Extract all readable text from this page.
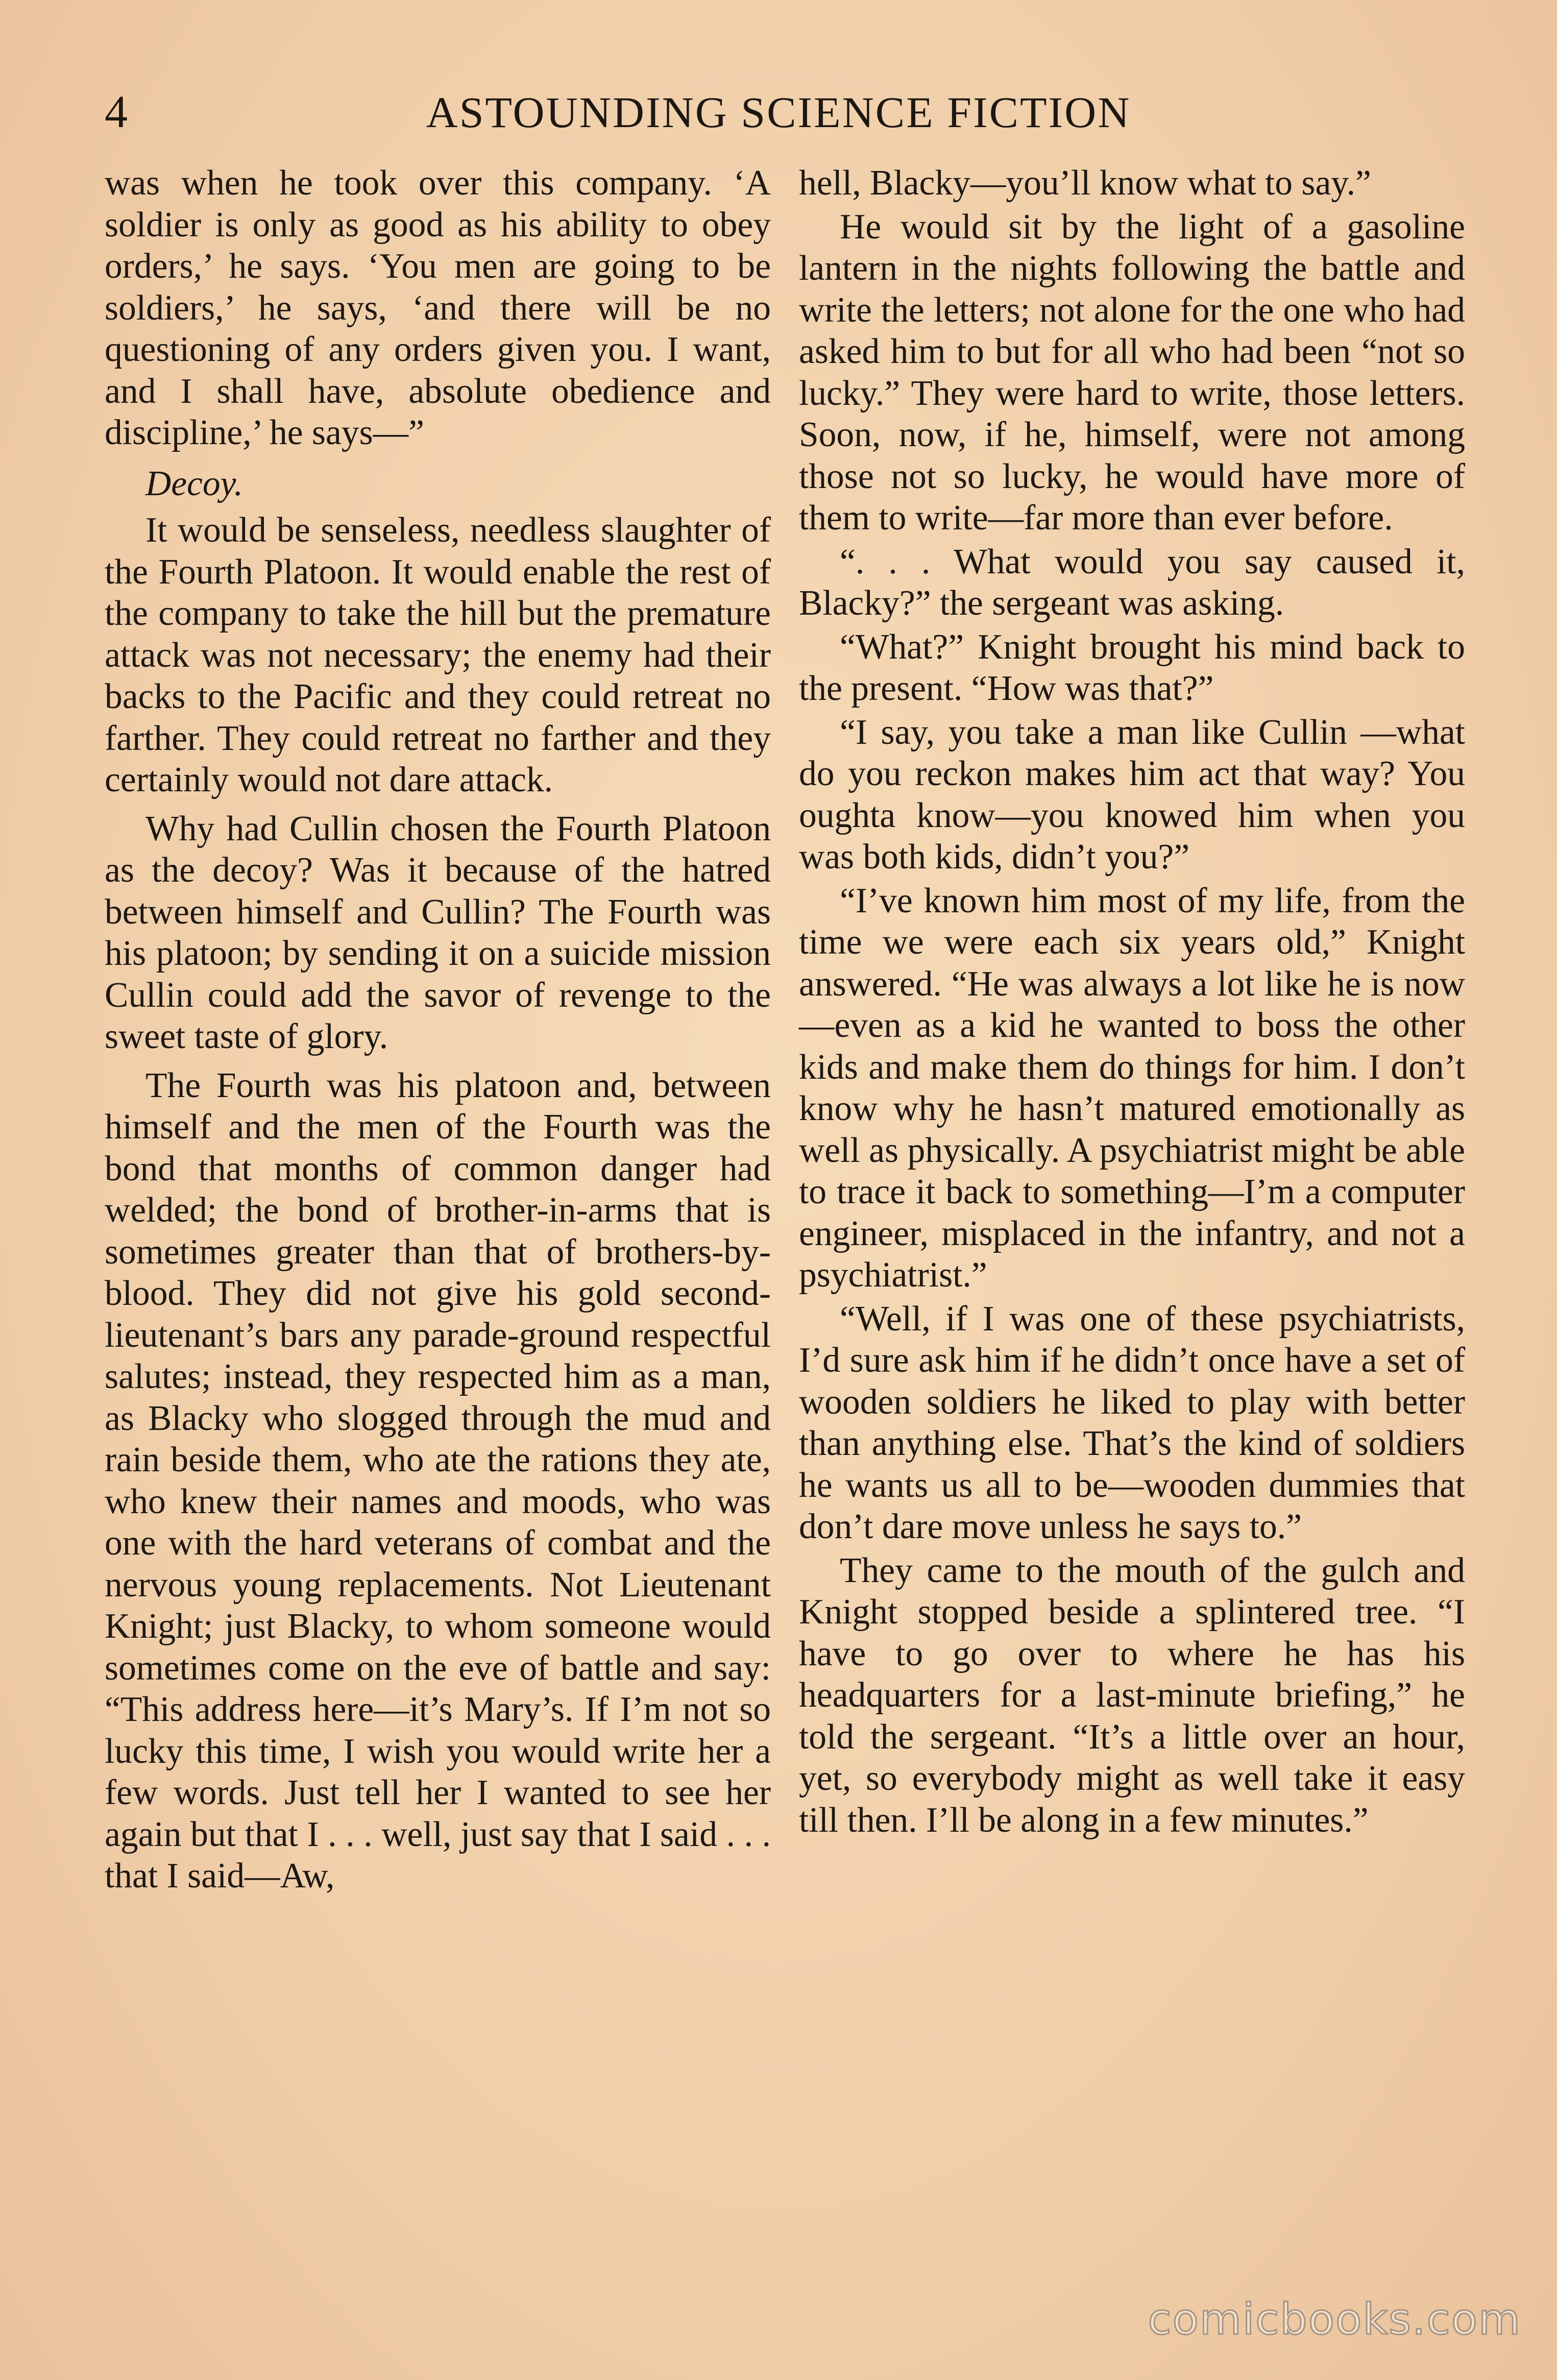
4	ASTOUNDING SCIENCE FICTION

was when he took over this company. ‘A soldier is only as good as his ability to obey orders,’ he says. ‘You men are going to be soldiers,’ he says, ‘and there will be no questioning of any orders given you. I want, and I shall have, absolute obedience and discipline,’ he says—”

Decoy.

It would be senseless, needless slaughter of the Fourth Platoon. It would enable the rest of the company to take the hill but the premature attack was not necessary; the enemy had their backs to the Pacific and they could retreat no farther. They could retreat no farther and they certainly would not dare attack.

Why had Cullin chosen the Fourth Platoon as the decoy? Was it because of the hatred between himself and Cullin? The Fourth was his platoon; by sending it on a suicide mission Cullin could add the savor of revenge to the sweet taste of glory.

The Fourth was his platoon and, between himself and the men of the Fourth was the bond that months of common danger had welded; the bond of brother-in-arms that is sometimes greater than that of brothers-by-blood. They did not give his gold second-lieutenant’s bars any parade-ground respectful salutes; instead, they respected him as a man, as Blacky who slogged through the mud and rain beside them, who ate the rations they ate, who knew their names and moods, who was one with the hard veterans of combat and the nervous young replacements. Not Lieutenant Knight; just Blacky, to whom someone would sometimes come on the eve of battle and say: “This address here—it’s Mary’s. If I’m not so lucky this time, I wish you would write her a few words. Just tell her I wanted to see her again but that I . . . well, just say that I said . . . that I said—Aw,

hell, Blacky—you’ll know what to say.”

He would sit by the light of a gasoline lantern in the nights following the battle and write the letters; not alone for the one who had asked him to but for all who had been “not so lucky.” They were hard to write, those letters. Soon, now, if he, himself, were not among those not so lucky, he would have more of them to write—far more than ever before.

“. . . What would you say caused it, Blacky?” the sergeant was asking.

“What?” Knight brought his mind back to the present. “How was that?”

“I say, you take a man like Cullin —what do you reckon makes him act that way? You oughta know—you knowed him when you was both kids, didn’t you?”

“I’ve known him most of my life, from the time we were each six years old,” Knight answered. “He was always a lot like he is now—even as a kid he wanted to boss the other kids and make them do things for him. I don’t know why he hasn’t matured emotionally as well as physically. A psychiatrist might be able to trace it back to something—I’m a computer engineer, misplaced in the infantry, and not a psychiatrist.”

“Well, if I was one of these psychiatrists, I’d sure ask him if he didn’t once have a set of wooden soldiers he liked to play with better than anything else. That’s the kind of soldiers he wants us all to be—wooden dummies that don’t dare move unless he says to.”

They came to the mouth of the gulch and Knight stopped beside a splintered tree. “I have to go over to where he has his headquarters for a last-minute briefing,” he told the sergeant. “It’s a little over an hour, yet, so everybody might as well take it easy till then. I’ll be along in a few minutes.”

comicbooks.com
